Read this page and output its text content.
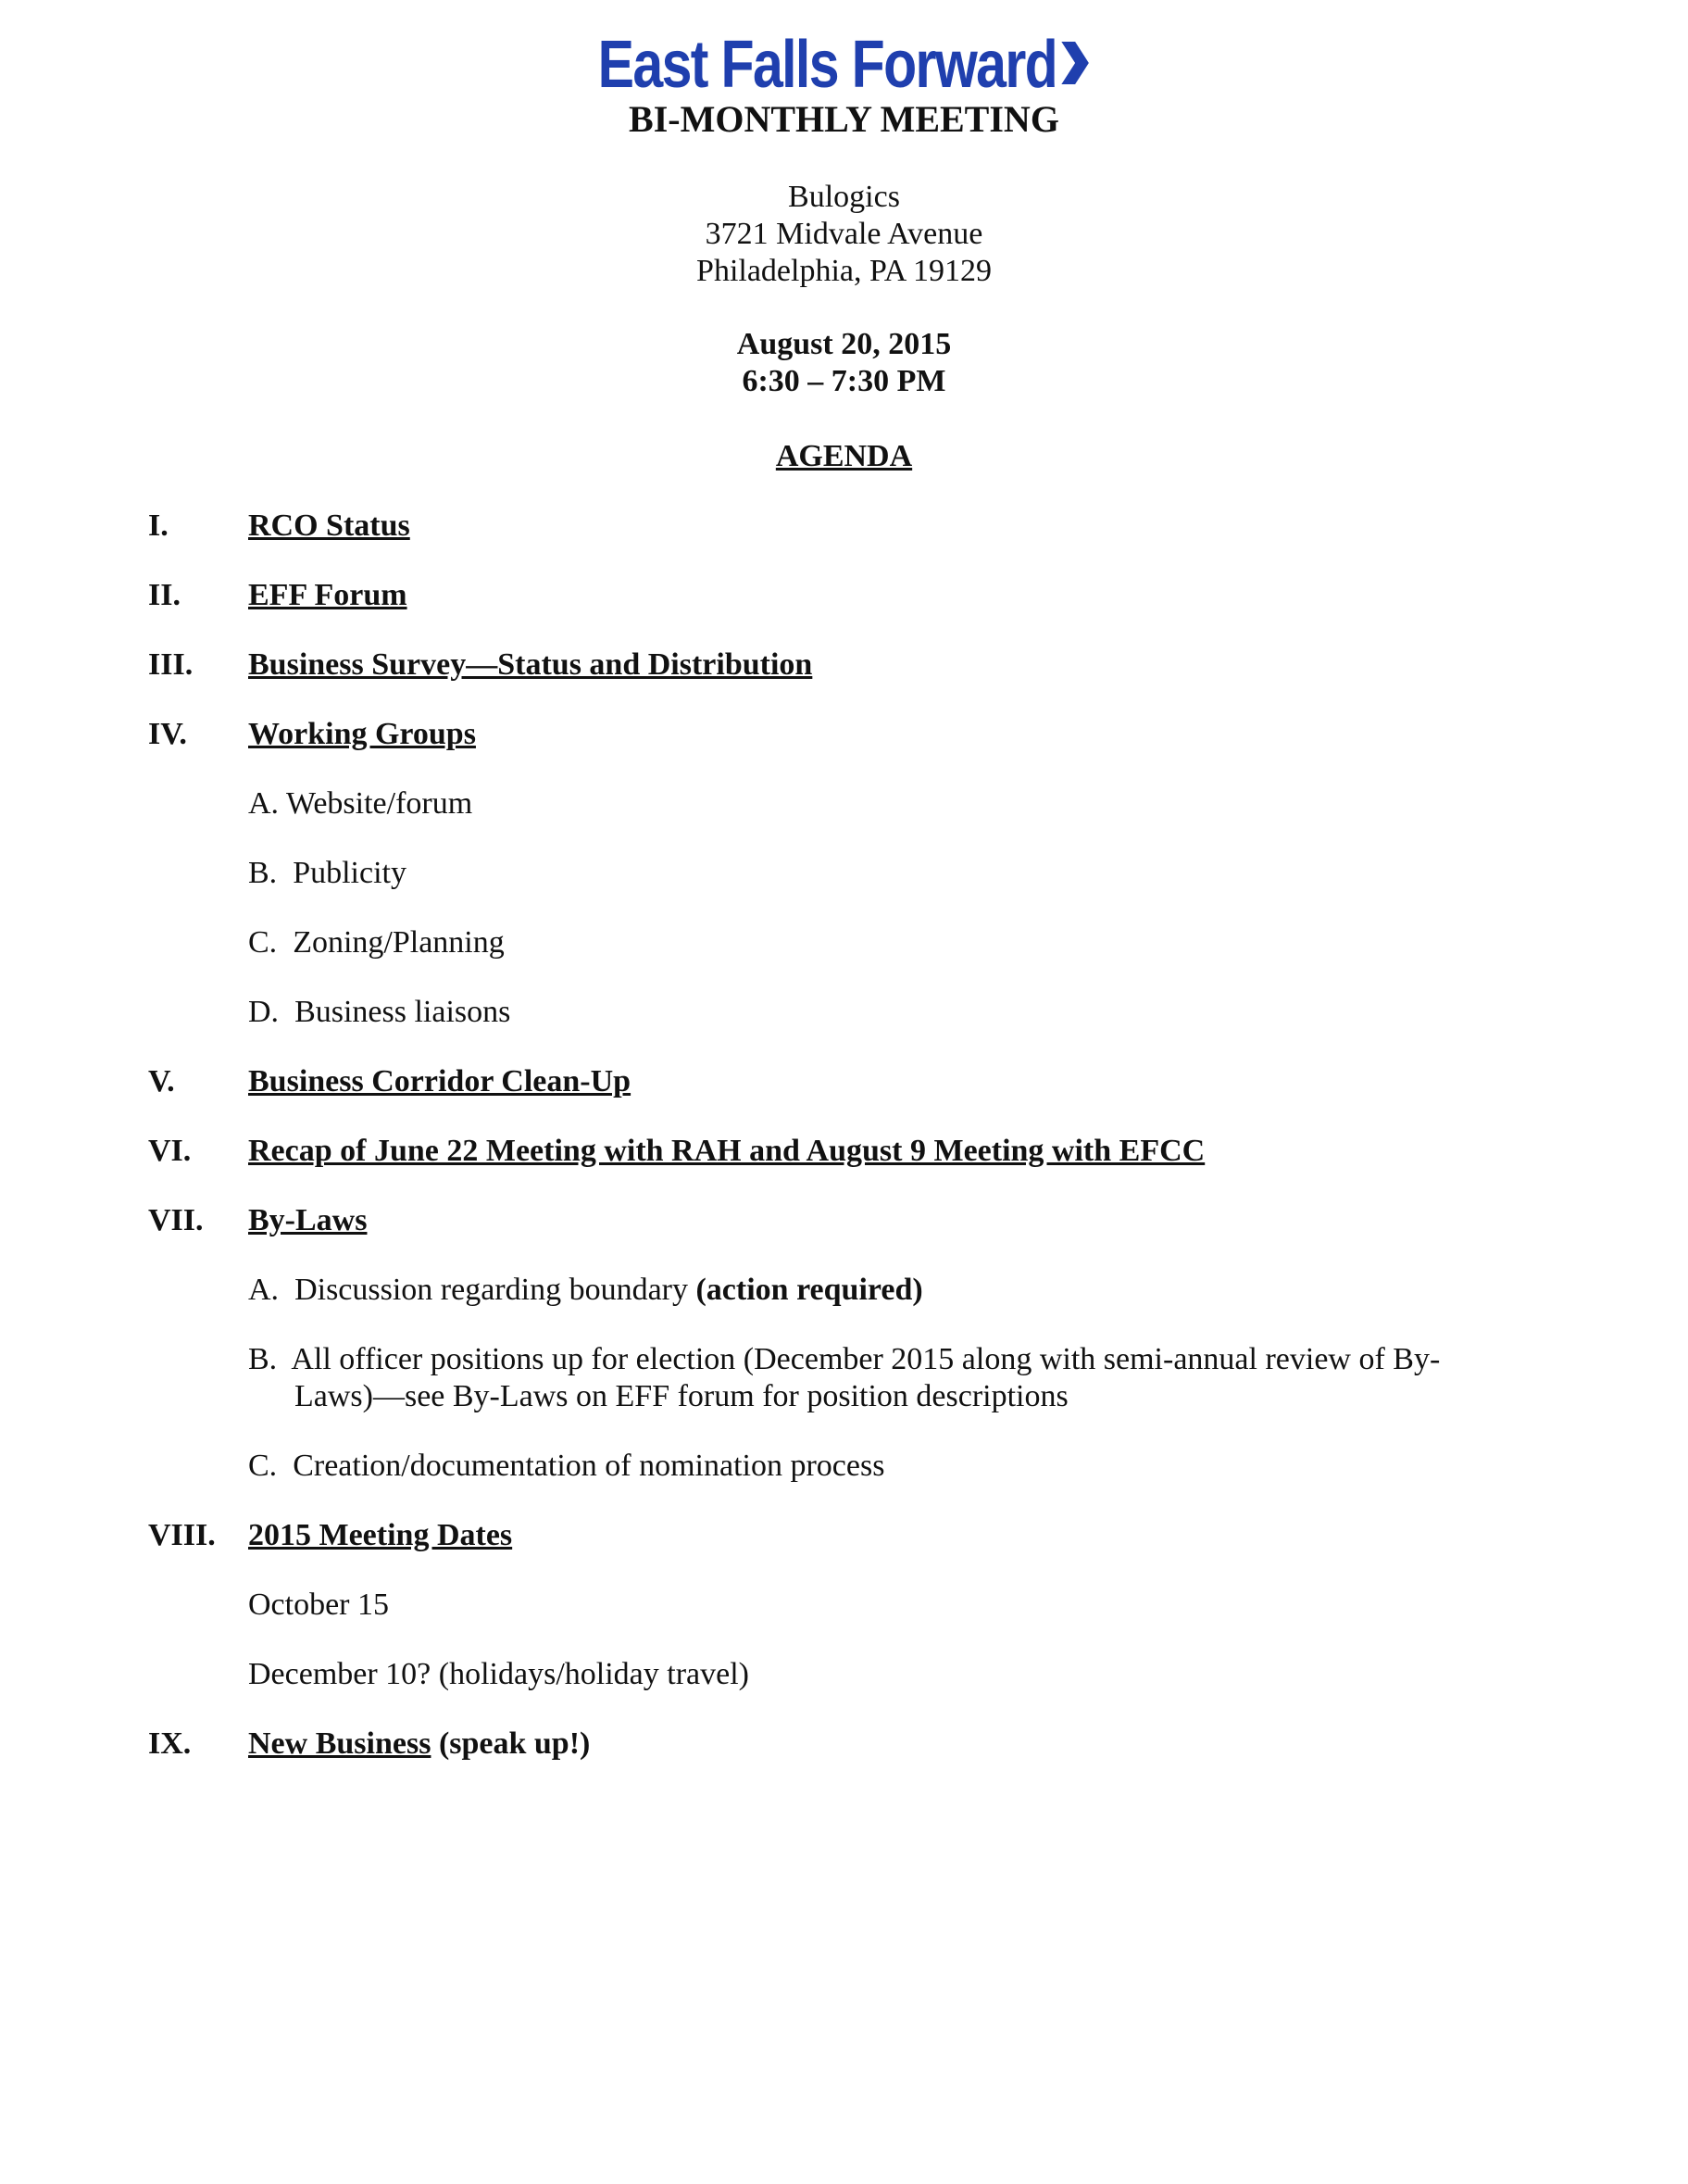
East Falls Forward
BI-MONTHLY MEETING
Bulogics
3721 Midvale Avenue
Philadelphia, PA 19129
August 20, 2015
6:30 – 7:30 PM
AGENDA
I.	RCO Status
II. EFF Forum
III. Business Survey—Status and Distribution
IV. Working Groups
A. Website/forum
B. Publicity
C. Zoning/Planning
D. Business liaisons
V. Business Corridor Clean-Up
VI. Recap of June 22 Meeting with RAH and August 9 Meeting with EFCC
VII. By-Laws
A. Discussion regarding boundary (action required)
B. All officer positions up for election (December 2015 along with semi-annual review of By-
Laws)—see By-Laws on EFF forum for position descriptions
C. Creation/documentation of nomination process
VIII. 2015 Meeting Dates
October 15
December 10? (holidays/holiday travel)
IX. New Business (speak up!)
